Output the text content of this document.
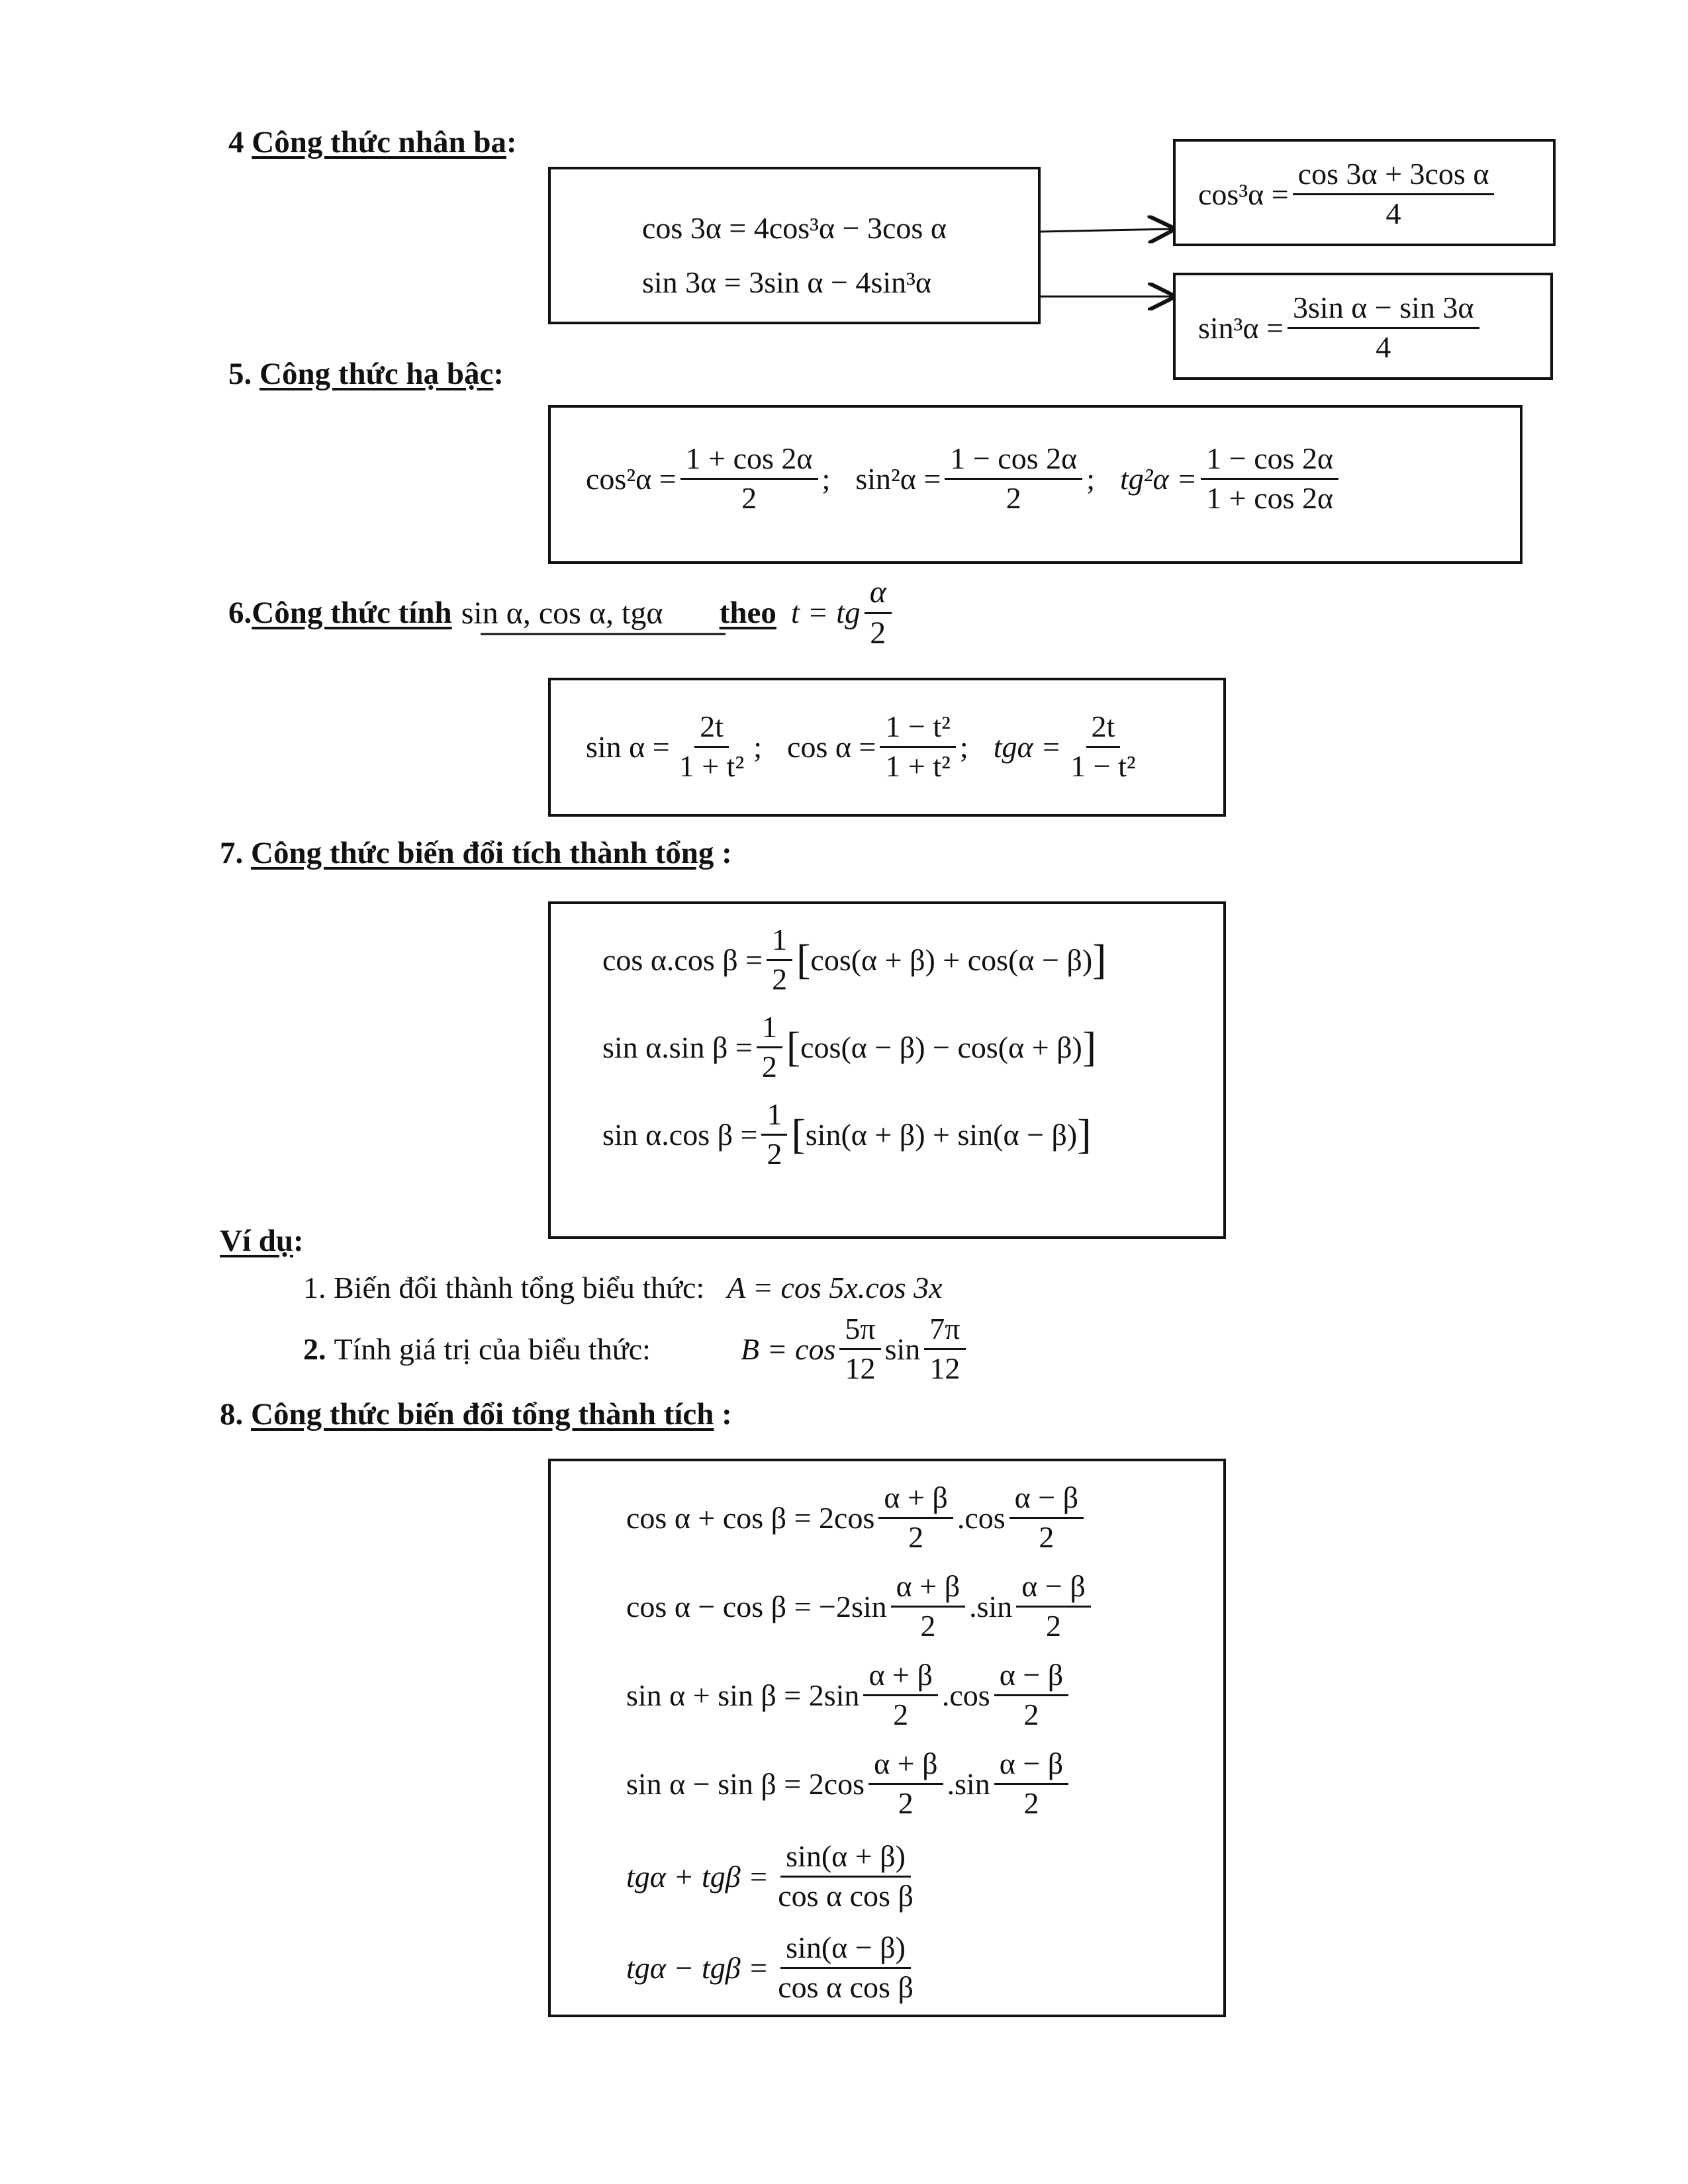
4 Công thức nhân ba:
cos 3α = 4cos³α − 3cos α
sin 3α = 3sin α − 4sin³α
$\cos^3\alpha = \frac{\text{cos 3α + 3cos α}}{4}$
$\sin^3\alpha = \frac{\text{3sin α − sin 3α}}{4}$
5. Công thức hạ bậc:
$\cos^2\alpha = \frac{1 + \cos 2\alpha}{2}$ ; $\sin^2\alpha = \frac{1 - \cos 2\alpha}{2}$ ; $tg^2\alpha = \frac{1 - \cos 2\alpha}{1 + \cos 2\alpha}$
6. Công thức tính sin α, cos α, tgα	theo t = tg $\frac{\alpha}{2}$
$\sin \alpha = \frac{2t}{\text{1 + t²}}$ ; $\cos \alpha = \frac{\text{1 − t²}}{\text{1 + t²}}$ ; $tg\alpha = \frac{2t}{\text{1 − t²}}$
7. Công thức biến đổi tích thành tổng :
cos α.cos $\beta = \frac{1}{2}$ [ cos(α + β) + cos(α − β) ]
sin α.sin $\beta = \frac{1}{2}$ [ cos(α − β) − cos(α + β) ]
sin α.cos $\beta = \frac{1}{2}$ [ sin(α + β) + sin(α − β) ]
Ví dụ:
1. Biến đổi thành tổng biểu thức: A = cos 5x.cos 3x
2. Tính giá trị của biểu thức:	$B = \cos \frac{5\pi}{12}$ $\sin \frac{7\pi}{12}$
8. Công thức biến đổi tổng thành tích :
$\cos \alpha + \cos \beta = 2\cos \frac{\alpha + \beta}{2} .\cos \frac{\alpha - \beta}{2}$
$\cos \alpha - \cos \beta = -2\sin \frac{\alpha + \beta}{2} .\sin \frac{\alpha - \beta}{2}$
$\sin \alpha + \sin \beta = 2\sin \frac{\alpha + \beta}{2} .\cos \frac{\alpha - \beta}{2}$
$\sin \alpha - \sin \beta = 2\cos \frac{\alpha + \beta}{2} .\sin \frac{\alpha - \beta}{2}$
$tg\alpha + tg\beta = \frac{\sin(\alpha + \beta)}{\text{cos α cos β}}$
$tg\alpha - tg\beta = \frac{\sin(\alpha - \beta)}{\text{cos α cos β}}$
